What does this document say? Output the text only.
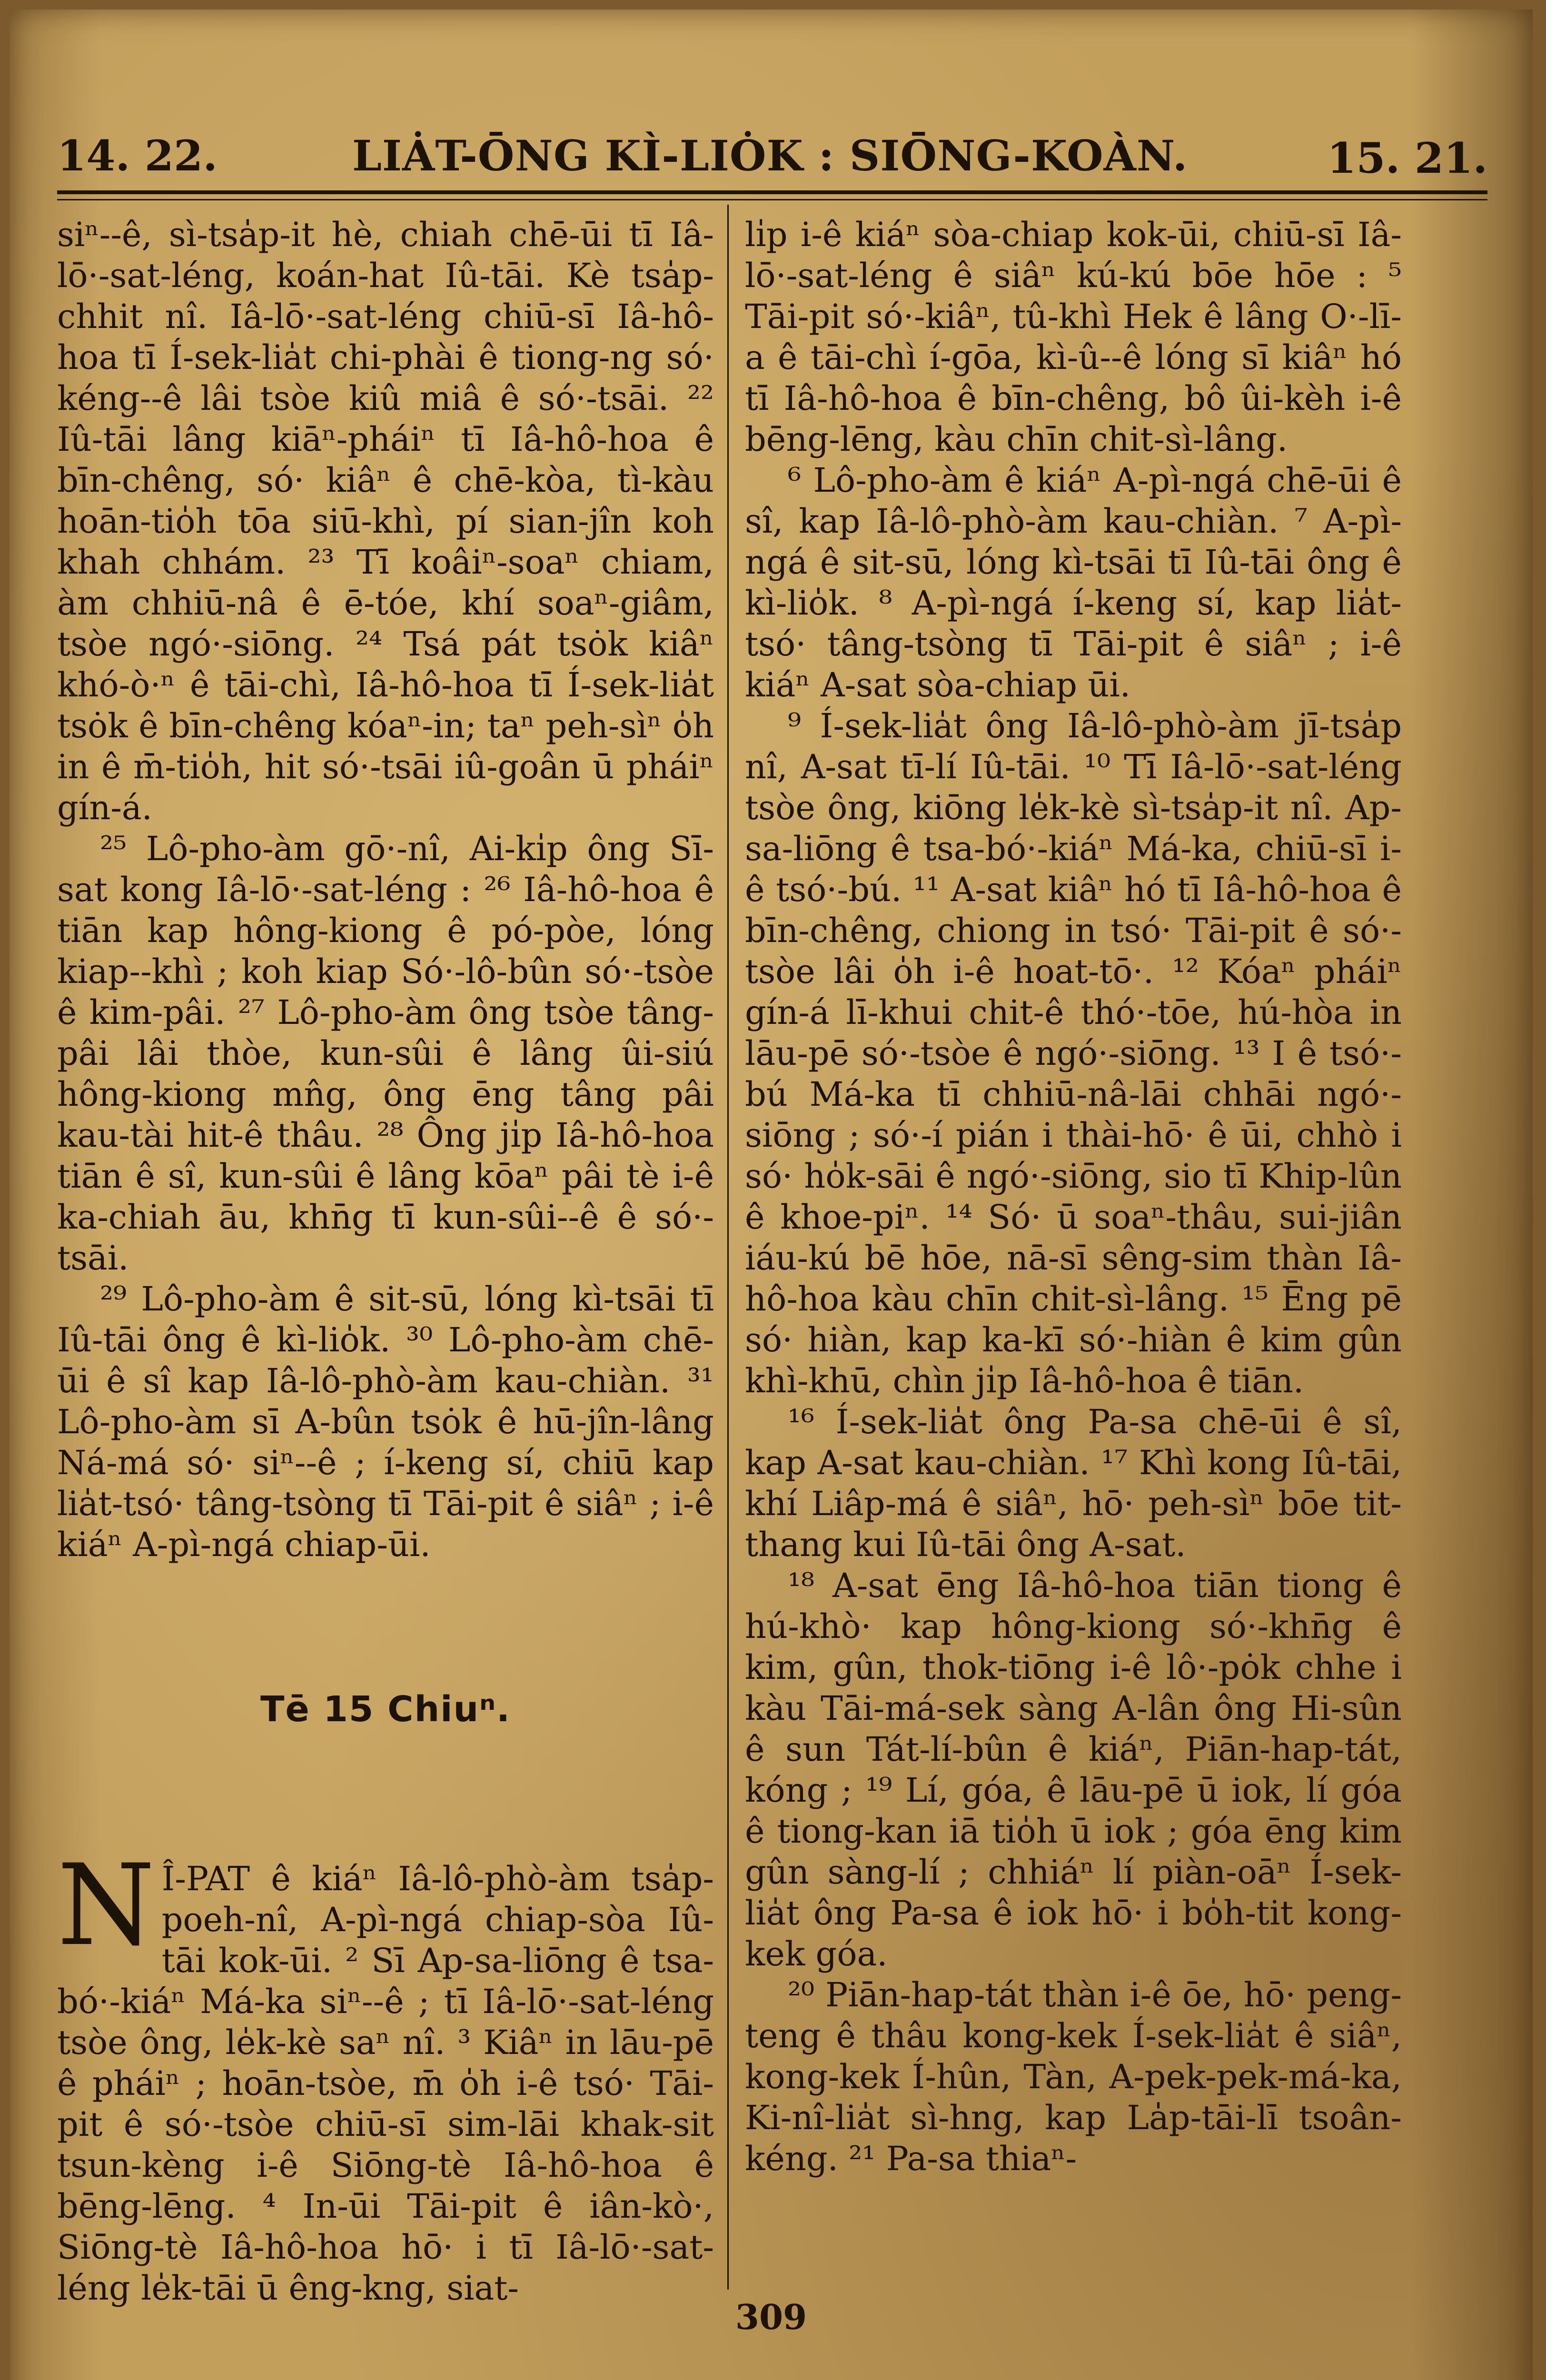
14. 22.	LIȦT-ŌNG KÌ-LIȮK : SIŌNG-KOÀN.	15. 21.

siⁿ--ê, sì-tsa̍p-it hè, chiah chē-ūi tī Iâ-lō·-sat-léng, koán-hat Iû-tāi. Kè tsa̍p-chhit nî. Iâ-lō·-sat-léng chiū-sī Iâ-hô-hoa tī Í-sek-lia̍t chi-phài ê tiong-ng só· kéng--ê lâi tsòe kiû miâ ê só·-tsāi. ²² Iû-tāi lâng kiāⁿ-pháiⁿ tī Iâ-hô-hoa ê bīn-chêng, só· kiâⁿ ê chē-kòa, tì-kàu hoān-tio̍h tōa siū-khì, pí sian-jîn koh khah chhám. ²³ Tī koâiⁿ-soaⁿ chiam, àm chhiū-nâ ê ē-tóe, khí soaⁿ-giâm, tsòe ngó·-siōng. ²⁴ Tsá pát tsȯk kiâⁿ khó-ò·ⁿ ê tāi-chì, Iâ-hô-hoa tī Í-sek-lia̍t tsȯk ê bīn-chêng kóaⁿ-in; taⁿ peh-sìⁿ o̍h in ê m̄-tio̍h, hit só·-tsāi iû-goân ū pháiⁿ gín-á.

²⁵ Lô-pho-àm gō·-nî, Ai-ki̍p ông Sī-sat kong Iâ-lō·-sat-léng : ²⁶ Iâ-hô-hoa ê tiān kap hông-kiong ê pó-pòe, lóng kiap--khì ; koh kiap Só·-lô-bûn só·-tsòe ê kim-pâi. ²⁷ Lô-pho-àm ông tsòe tâng-pâi lâi thòe, kun-sûi ê lâng ûi-siú hông-kiong mn̂g, ông ēng tâng pâi kau-tài hit-ê thâu. ²⁸ Ông ji̍p Iâ-hô-hoa tiān ê sî, kun-sûi ê lâng kōaⁿ pâi tè i-ê ka-chiah āu, khn̄g tī kun-sûi--ê ê só·-tsāi.

²⁹ Lô-pho-àm ê sit-sū, lóng kì-tsāi tī Iû-tāi ông ê kì-lio̍k. ³⁰ Lô-pho-àm chē-ūi ê sî kap Iâ-lô-phò-àm kau-chiàn. ³¹ Lô-pho-àm sī A-bûn tsȯk ê hū-jîn-lâng Ná-má só· siⁿ--ê ; í-keng sí, chiū kap lia̍t-tsó· tâng-tsòng tī Tāi-pit ê siâⁿ ; i-ê kiáⁿ A-pì-ngá chiap-ūi.

Tē 15 Chiuⁿ.

N Î-PAT ê kiáⁿ Iâ-lô-phò-àm tsa̍p-poeh-nî, A-pì-ngá chiap-sòa Iû-tāi kok-ūi. ² Sī Ap-sa-liōng ê tsa-bó·-kiáⁿ Má-ka siⁿ--ê ; tī Iâ-lō·-sat-léng tsòe ông, le̍k-kè saⁿ nî. ³ Kiâⁿ in lāu-pē ê pháiⁿ ; hoān-tsòe, m̄ o̍h i-ê tsó· Tāi-pit ê só·-tsòe chiū-sī sim-lāi khak-sit tsun-kèng i-ê Siōng-tè Iâ-hô-hoa ê bēng-lēng. ⁴ In-ūi Tāi-pit ê iân-kò·, Siōng-tè Iâ-hô-hoa hō· i tī Iâ-lō·-sat-léng le̍k-tāi ū êng-kng, siat-

li̍p i-ê kiáⁿ sòa-chiap kok-ūi, chiū-sī Iâ-lō·-sat-léng ê siâⁿ kú-kú bōe hōe : ⁵ Tāi-pit só·-kiâⁿ, tû-khì Hek ê lâng O·-lī-a ê tāi-chì í-gōa, kì-û--ê lóng sī kiâⁿ hó tī Iâ-hô-hoa ê bīn-chêng, bô ûi-kèh i-ê bēng-lēng, kàu chīn chit-sì-lâng.

⁶ Lô-pho-àm ê kiáⁿ A-pì-ngá chē-ūi ê sî, kap Iâ-lô-phò-àm kau-chiàn. ⁷ A-pì-ngá ê sit-sū, lóng kì-tsāi tī Iû-tāi ông ê kì-lio̍k. ⁸ A-pì-ngá í-keng sí, kap lia̍t-tsó· tâng-tsòng tī Tāi-pit ê siâⁿ ; i-ê kiáⁿ A-sat sòa-chiap ūi.

⁹ Í-sek-lia̍t ông Iâ-lô-phò-àm jī-tsa̍p nî, A-sat tī-lí Iû-tāi. ¹⁰ Tī Iâ-lō·-sat-léng tsòe ông, kiōng le̍k-kè sì-tsa̍p-it nî. Ap-sa-liōng ê tsa-bó·-kiáⁿ Má-ka, chiū-sī i-ê tsó·-bú. ¹¹ A-sat kiâⁿ hó tī Iâ-hô-hoa ê bīn-chêng, chiong in tsó· Tāi-pit ê só·-tsòe lâi o̍h i-ê hoat-tō·. ¹² Kóaⁿ pháiⁿ gín-á lī-khui chit-ê thó·-tōe, hú-hòa in lāu-pē só·-tsòe ê ngó·-siōng. ¹³ I ê tsó·-bú Má-ka tī chhiū-nâ-lāi chhāi ngó·-siōng ; só·-í pián i thài-hō· ê ūi, chhò i só· ho̍k-sāi ê ngó·-siōng, sio tī Khip-lûn ê khoe-piⁿ. ¹⁴ Só· ū soaⁿ-thâu, sui-jiân iáu-kú bē hōe, nā-sī sêng-sim thàn Iâ-hô-hoa kàu chīn chit-sì-lâng. ¹⁵ Ēng pē só· hiàn, kap ka-kī só·-hiàn ê kim gûn khì-khū, chìn ji̍p Iâ-hô-hoa ê tiān.

¹⁶ Í-sek-lia̍t ông Pa-sa chē-ūi ê sî, kap A-sat kau-chiàn. ¹⁷ Khì kong Iû-tāi, khí Liâp-má ê siâⁿ, hō· peh-sìⁿ bōe tit-thang kui Iû-tāi ông A-sat.

¹⁸ A-sat ēng Iâ-hô-hoa tiān tiong ê hú-khò· kap hông-kiong só·-khn̄g ê kim, gûn, thok-tiōng i-ê lô·-pȯk chhe i kàu Tāi-má-sek sàng A-lân ông Hi-sûn ê sun Tát-lí-bûn ê kiáⁿ, Piān-hap-tát, kóng ; ¹⁹ Lí, góa, ê lāu-pē ū iok, lí góa ê tiong-kan iā tio̍h ū iok ; góa ēng kim gûn sàng-lí ; chhiáⁿ lí piàn-oāⁿ Í-sek-lia̍t ông Pa-sa ê iok hō· i bo̍h-tit kong-kek góa.

²⁰ Piān-hap-tát thàn i-ê ōe, hō· peng-teng ê thâu kong-kek Í-sek-lia̍t ê siâⁿ, kong-kek Í-hûn, Tàn, A-pek-pek-má-ka, Ki-nî-lia̍t sì-hng, kap La̍p-tāi-lī tsoân-kéng. ²¹ Pa-sa thiaⁿ-

309
